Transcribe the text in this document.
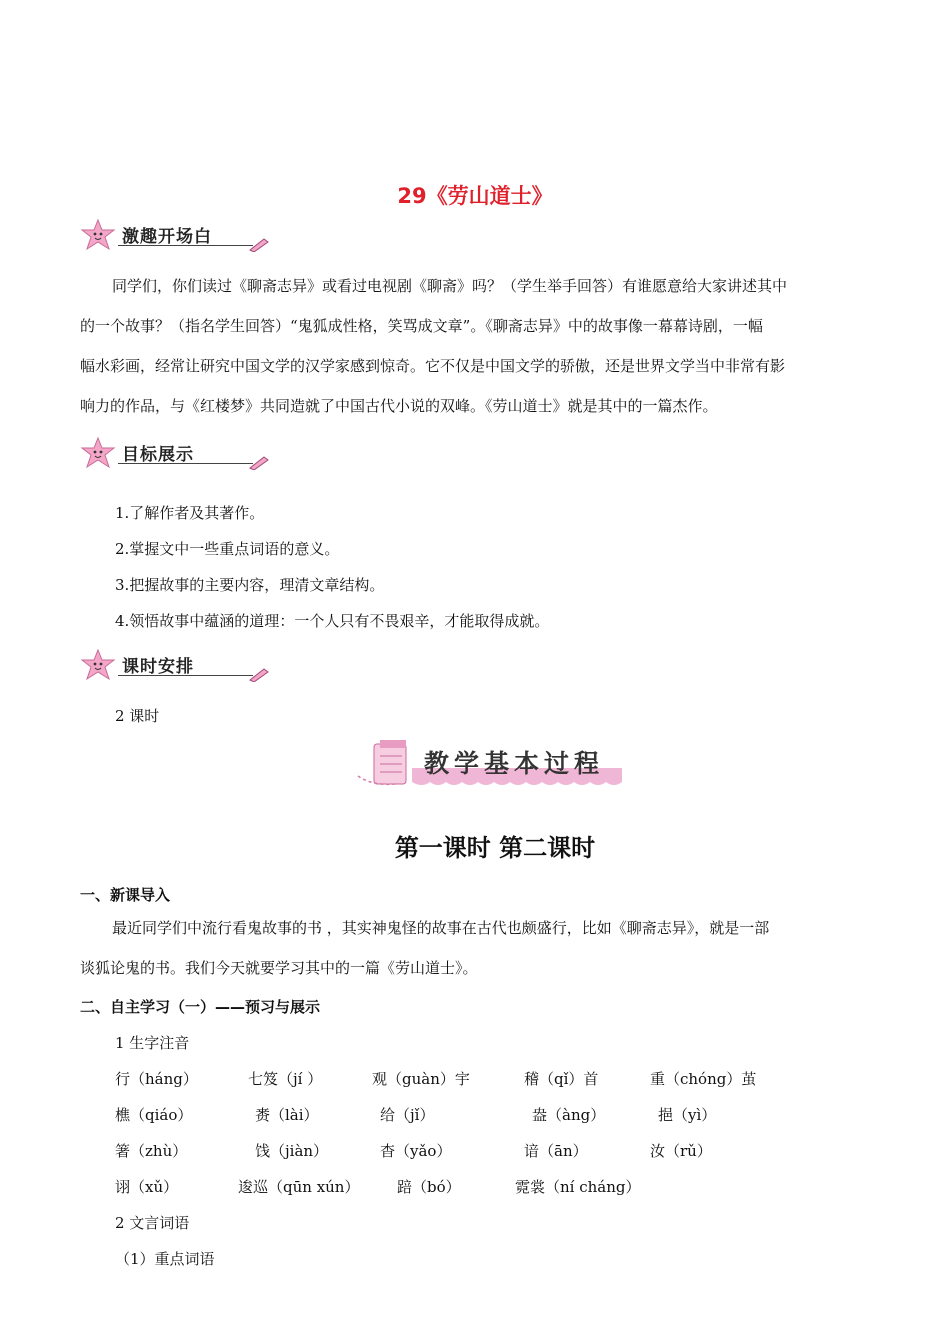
29《劳山道士》
激趣开场白
同学们，你们读过《聊斋志异》或看过电视剧《聊斋》吗？（学生举手回答）有谁愿意给大家讲述其中
的一个故事？（指名学生回答）“鬼狐成性格，笑骂成文章”。《聊斋志异》中的故事像一幕幕诗剧，一幅
幅水彩画，经常让研究中国文学的汉学家感到惊奇。它不仅是中国文学的骄傲，还是世界文学当中非常有影
响力的作品，与《红楼梦》共同造就了中国古代小说的双峰。《劳山道士》就是其中的一篇杰作。
目标展示
1.了解作者及其著作。
2.掌握文中一些重点词语的意义。
3.把握故事的主要内容，理清文章结构。
4.领悟故事中蕴涵的道理：一个人只有不畏艰辛，才能取得成就。
课时安排
2 课时
教学基本过程
第一课时 第二课时
一、新课导入
最近同学们中流行看鬼故事的书 ，其实神鬼怪的故事在古代也颇盛行，比如《聊斋志异》，就是一部
谈狐论鬼的书。我们今天就要学习其中的一篇《劳山道士》。
二、自主学习（一）——预习与展示
1 生字注音
行（háng）	七笈（jí ）	观（guàn）宇	稽（qǐ）首	重（chóng）茧
樵（qiáo）	赉（lài）	给（jǐ）	盎（àng）	挹（yì）
箸（zhù）	饯（jiàn）	杳（yǎo）	谙（ān）	汝（rǔ）
诩（xǔ）	逡巡（qūn xún）	踣（bó）	霓裳（ní cháng）
2 文言词语
（1）重点词语
